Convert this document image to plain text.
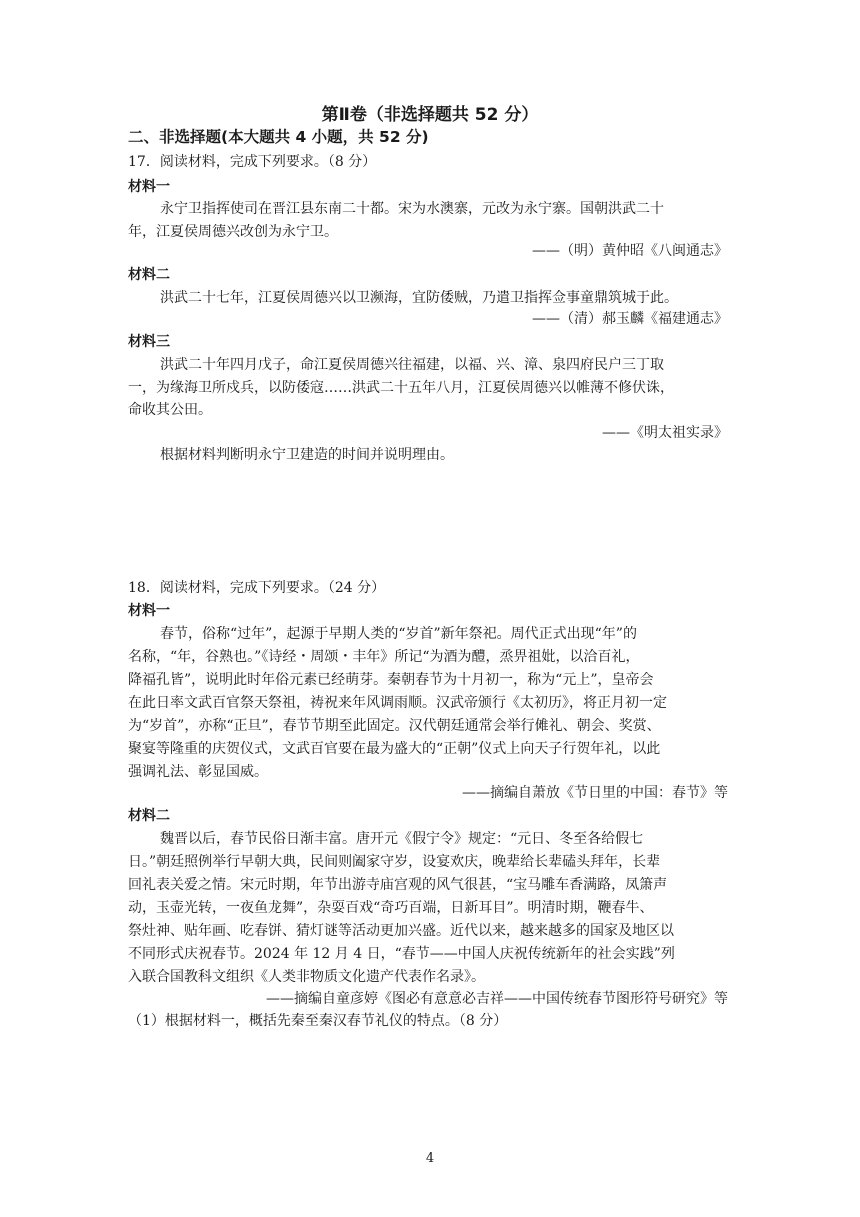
第Ⅱ卷（非选择题共 52 分）
二、非选择题(本大题共 4 小题，共 52 分)
17．阅读材料，完成下列要求。（8 分）
材料一
永宁卫指挥使司在晋江县东南二十都。宋为水澳寨，元改为永宁寨。国朝洪武二十
年，江夏侯周德兴改创为永宁卫。
——（明）黄仲昭《八闽通志》
材料二
洪武二十七年，江夏侯周德兴以卫濒海，宜防倭贼，乃遣卫指挥佥事童鼎筑城于此。
——（清）郝玉麟《福建通志》
材料三
洪武二十年四月戊子，命江夏侯周德兴往福建，以福、兴、漳、泉四府民户三丁取
一，为缘海卫所戍兵，以防倭寇……洪武二十五年八月，江夏侯周德兴以帷薄不修伏诛，
命收其公田。
——《明太祖实录》
根据材料判断明永宁卫建造的时间并说明理由。
18．阅读材料，完成下列要求。（24 分）
材料一
春节，俗称“过年”，起源于早期人类的“岁首”新年祭祀。周代正式出现“年”的
名称，“年，谷熟也。”《诗经・周颂・丰年》所记“为酒为醴，烝畀祖妣，以洽百礼，
降福孔皆”，说明此时年俗元素已经萌芽。秦朝春节为十月初一，称为“元上”，皇帝会
在此日率文武百官祭天祭祖，祷祝来年风调雨顺。汉武帝颁行《太初历》，将正月初一定
为“岁首”，亦称“正旦”，春节节期至此固定。汉代朝廷通常会举行傩礼、朝会、奖赏、
聚宴等隆重的庆贺仪式，文武百官要在最为盛大的“正朝”仪式上向天子行贺年礼，以此
强调礼法、彰显国威。
——摘编自萧放《节日里的中国：春节》等
材料二
魏晋以后，春节民俗日渐丰富。唐开元《假宁令》规定：“元日、冬至各给假七
日。”朝廷照例举行早朝大典，民间则阖家守岁，设宴欢庆，晚辈给长辈磕头拜年，长辈
回礼表关爱之情。宋元时期，年节出游寺庙宫观的风气很甚，“宝马雕车香满路，凤箫声
动，玉壶光转，一夜鱼龙舞”，杂耍百戏“奇巧百端，日新耳目”。明清时期，鞭春牛、
祭灶神、贴年画、吃春饼、猜灯谜等活动更加兴盛。近代以来，越来越多的国家及地区以
不同形式庆祝春节。2024 年 12 月 4 日，“春节——中国人庆祝传统新年的社会实践”列
入联合国教科文组织《人类非物质文化遗产代表作名录》。
——摘编自童彦婷《图必有意意必吉祥——中国传统春节图形符号研究》等
（1）根据材料一，概括先秦至秦汉春节礼仪的特点。（8 分）
4
